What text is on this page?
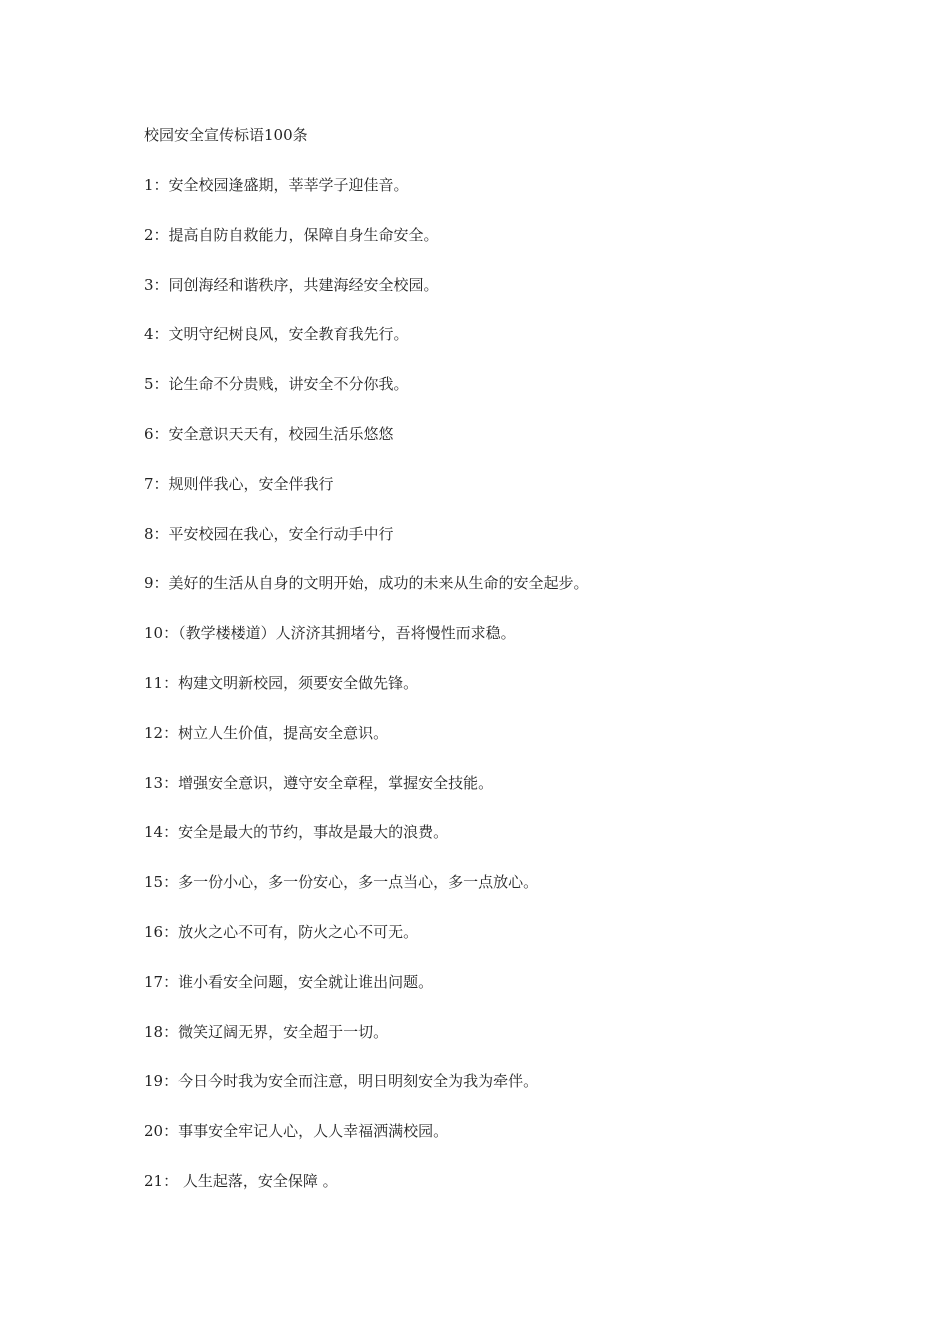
校园安全宣传标语100条
1：安全校园逢盛期，莘莘学子迎佳音。
2：提高自防自救能力，保障自身生命安全。
3：同创海经和谐秩序，共建海经安全校园。
4：文明守纪树良风，安全教育我先行。
5：论生命不分贵贱，讲安全不分你我。
6：安全意识天天有，校园生活乐悠悠
7：规则伴我心，安全伴我行
8：平安校园在我心，安全行动手中行
9：美好的生活从自身的文明开始，成功的未来从生命的安全起步。
10：（教学楼楼道）人济济其拥堵兮，吾将慢性而求稳。
11：构建文明新校园，须要安全做先锋。
12：树立人生价值，提高安全意识。
13：增强安全意识，遵守安全章程，掌握安全技能。
14：安全是最大的节约，事故是最大的浪费。
15：多一份小心，多一份安心，多一点当心，多一点放心。
16：放火之心不可有，防火之心不可无。
17：谁小看安全问题，安全就让谁出问题。
18：微笑辽阔无界，安全超于一切。
19：今日今时我为安全而注意，明日明刻安全为我为牵伴。
20：事事安全牢记人心，人人幸福洒满校园。
21： 人生起落，安全保障 。
